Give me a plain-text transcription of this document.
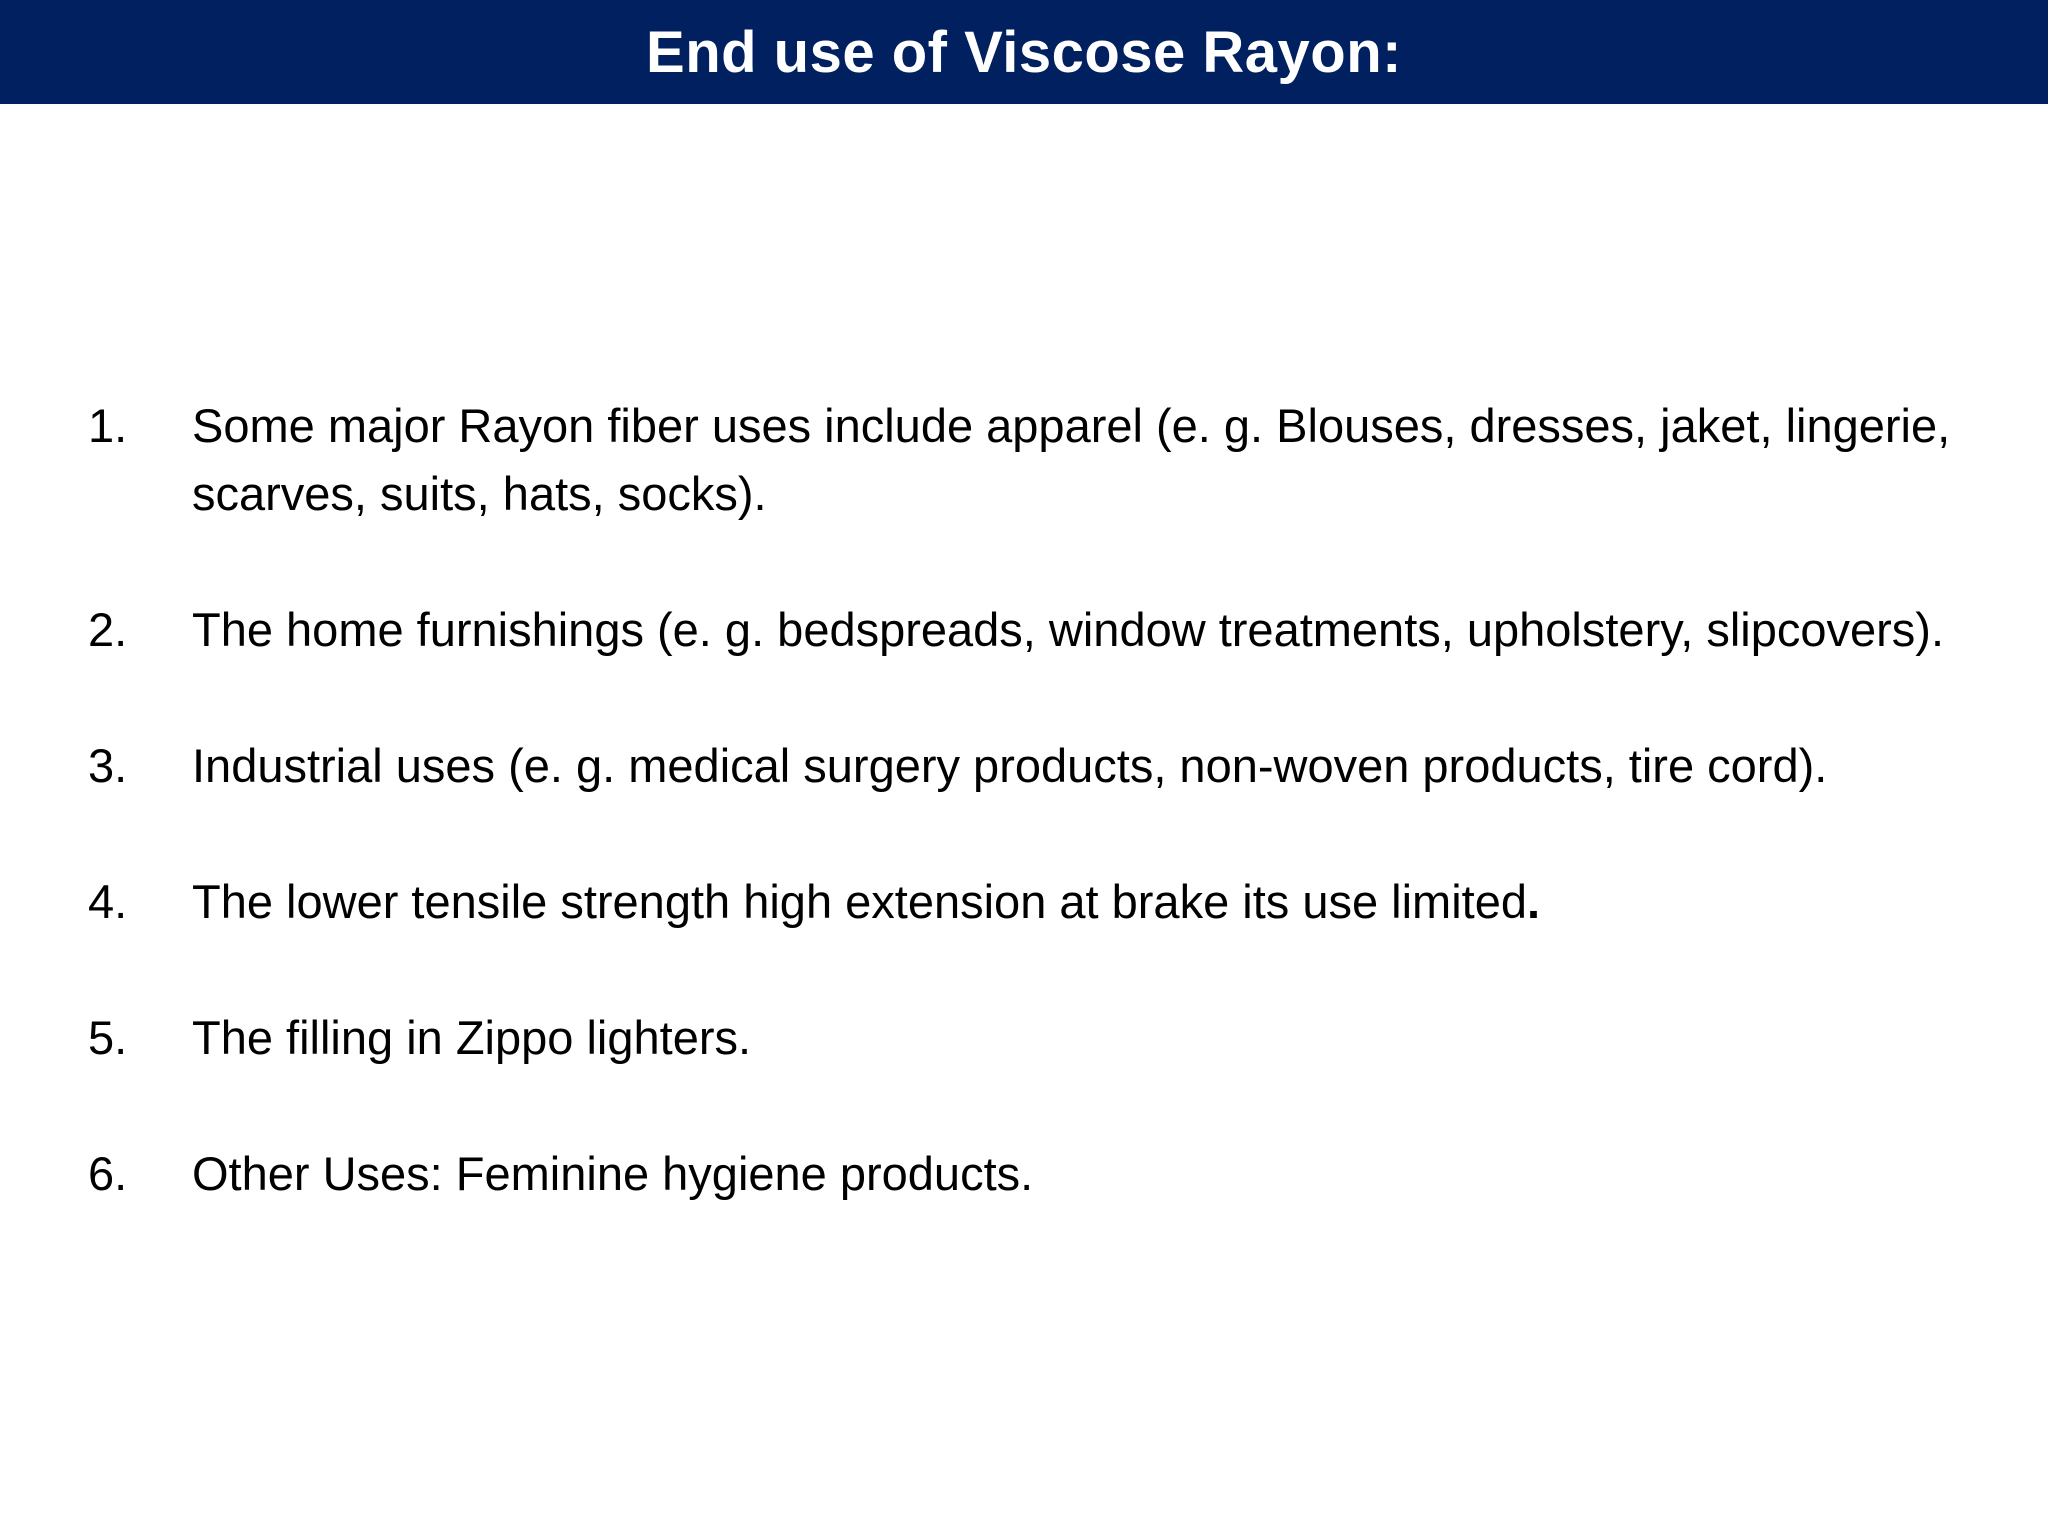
End use of Viscose Rayon:
1.	Some major Rayon fiber uses include apparel (e. g. Blouses, dresses, jaket, lingerie, scarves, suits, hats, socks).
2.	The home furnishings (e. g. bedspreads, window treatments, upholstery, slipcovers).
3.	Industrial uses (e. g. medical surgery products, non-woven products, tire cord).
4.	The lower tensile strength high extension at brake its use limited.
5.	The filling in Zippo lighters.
6.	Other Uses: Feminine hygiene products.
